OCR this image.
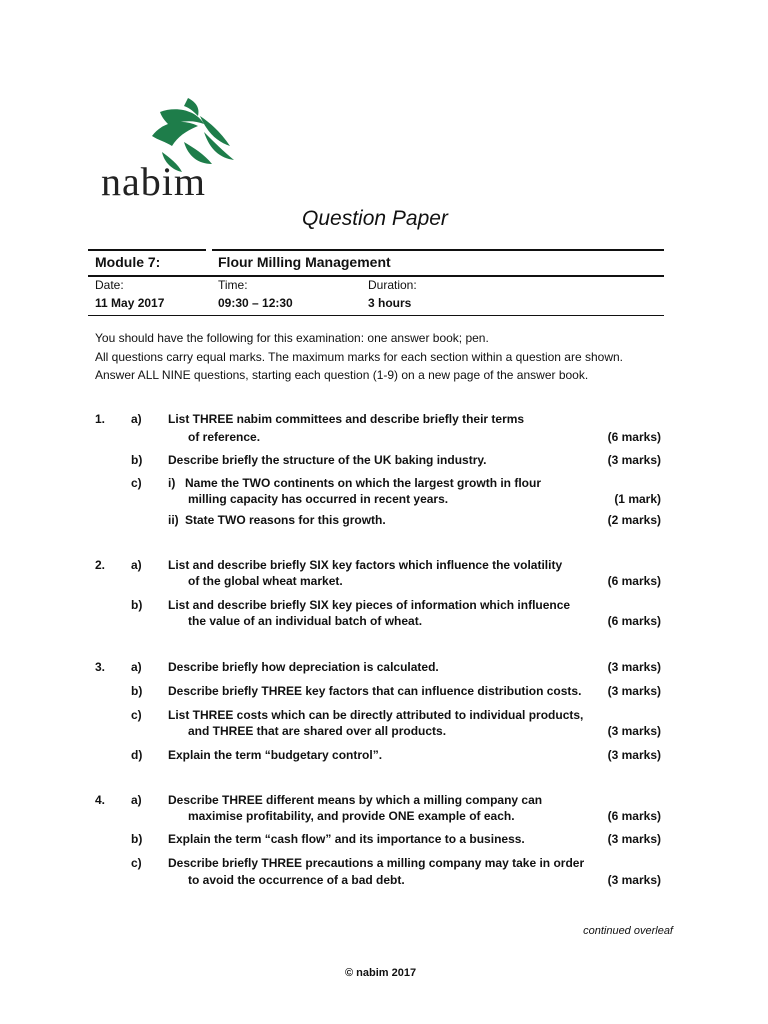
nabim
Question Paper
Module 7:	Flour Milling Management
Date:	Time:	Duration:
11 May 2017	09:30 – 12:30	3 hours
You should have the following for this examination: one answer book; pen.
All questions carry equal marks. The maximum marks for each section within a question are shown.
Answer ALL NINE questions, starting each question (1-9) on a new page of the answer book.
1. a) List THREE nabim committees and describe briefly their terms
of reference.	(6 marks)
b) Describe briefly the structure of the UK baking industry.	(3 marks)
c) i) Name the TWO continents on which the largest growth in flour
milling capacity has occurred in recent years.	(1 mark)
ii) State TWO reasons for this growth.	(2 marks)
2. a) List and describe briefly SIX key factors which influence the volatility
of the global wheat market.	(6 marks)
b) List and describe briefly SIX key pieces of information which influence
the value of an individual batch of wheat.	(6 marks)
3. a) Describe briefly how depreciation is calculated.	(3 marks)
b) Describe briefly THREE key factors that can influence distribution costs. (3 marks)
c) List THREE costs which can be directly attributed to individual products,
and THREE that are shared over all products.	(3 marks)
d) Explain the term “budgetary control”.	(3 marks)
4. a) Describe THREE different means by which a milling company can
maximise profitability, and provide ONE example of each.	(6 marks)
b) Explain the term “cash flow” and its importance to a business.	(3 marks)
c) Describe briefly THREE precautions a milling company may take in order
to avoid the occurrence of a bad debt.	(3 marks)
continued overleaf
© nabim 2017
